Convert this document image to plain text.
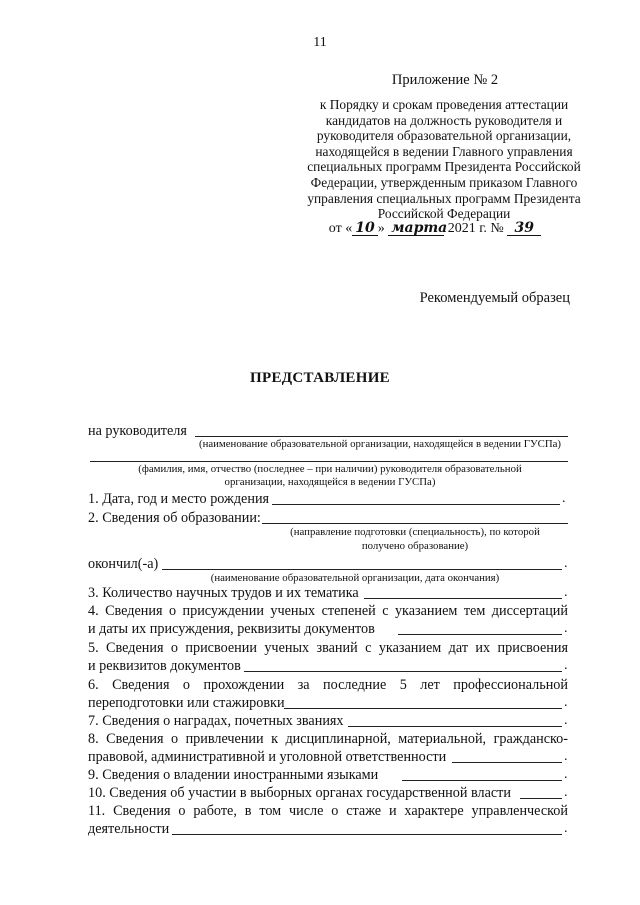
11
Приложение № 2
к Порядку и срокам проведения аттестации
кандидатов на должность руководителя и
руководителя образовательной организации,
находящейся в ведении Главного управления
специальных программ Президента Российской
Федерации, утвержденным приказом Главного
управления специальных программ Президента
Российской Федерации
от « 10 » марта 2021 г. № 39
Рекомендуемый образец
ПРЕДСТАВЛЕНИЕ
на руководителя
(наименование образовательной организации, находящейся в ведении ГУСПа)
(фамилия, имя, отчество (последнее – при наличии) руководителя образовательной
организации, находящейся в ведении ГУСПа)
1. Дата, год и место рождения	.
2. Сведения об образовании:
(направление подготовки (специальность), по которой
получено образование)
окончил(-а)	.
(наименование образовательной организации, дата окончания)
3. Количество научных трудов и их тематика	.
4. Сведения о присуждении ученых степеней с указанием тем диссертаций
и даты их присуждения, реквизиты документов	.
5. Сведения о присвоении ученых званий с указанием дат их присвоения
и реквизитов документов	.
6. Сведения о прохождении за последние 5 лет профессиональной
переподготовки или стажировки	.
7. Сведения о наградах, почетных званиях	.
8. Сведения о привлечении к дисциплинарной, материальной, гражданско-
правовой, административной и уголовной ответственности	.
9. Сведения о владении иностранными языками	.
10. Сведения об участии в выборных органах государственной власти	.
11. Сведения о работе, в том числе о стаже и характере управленческой
деятельности	.
